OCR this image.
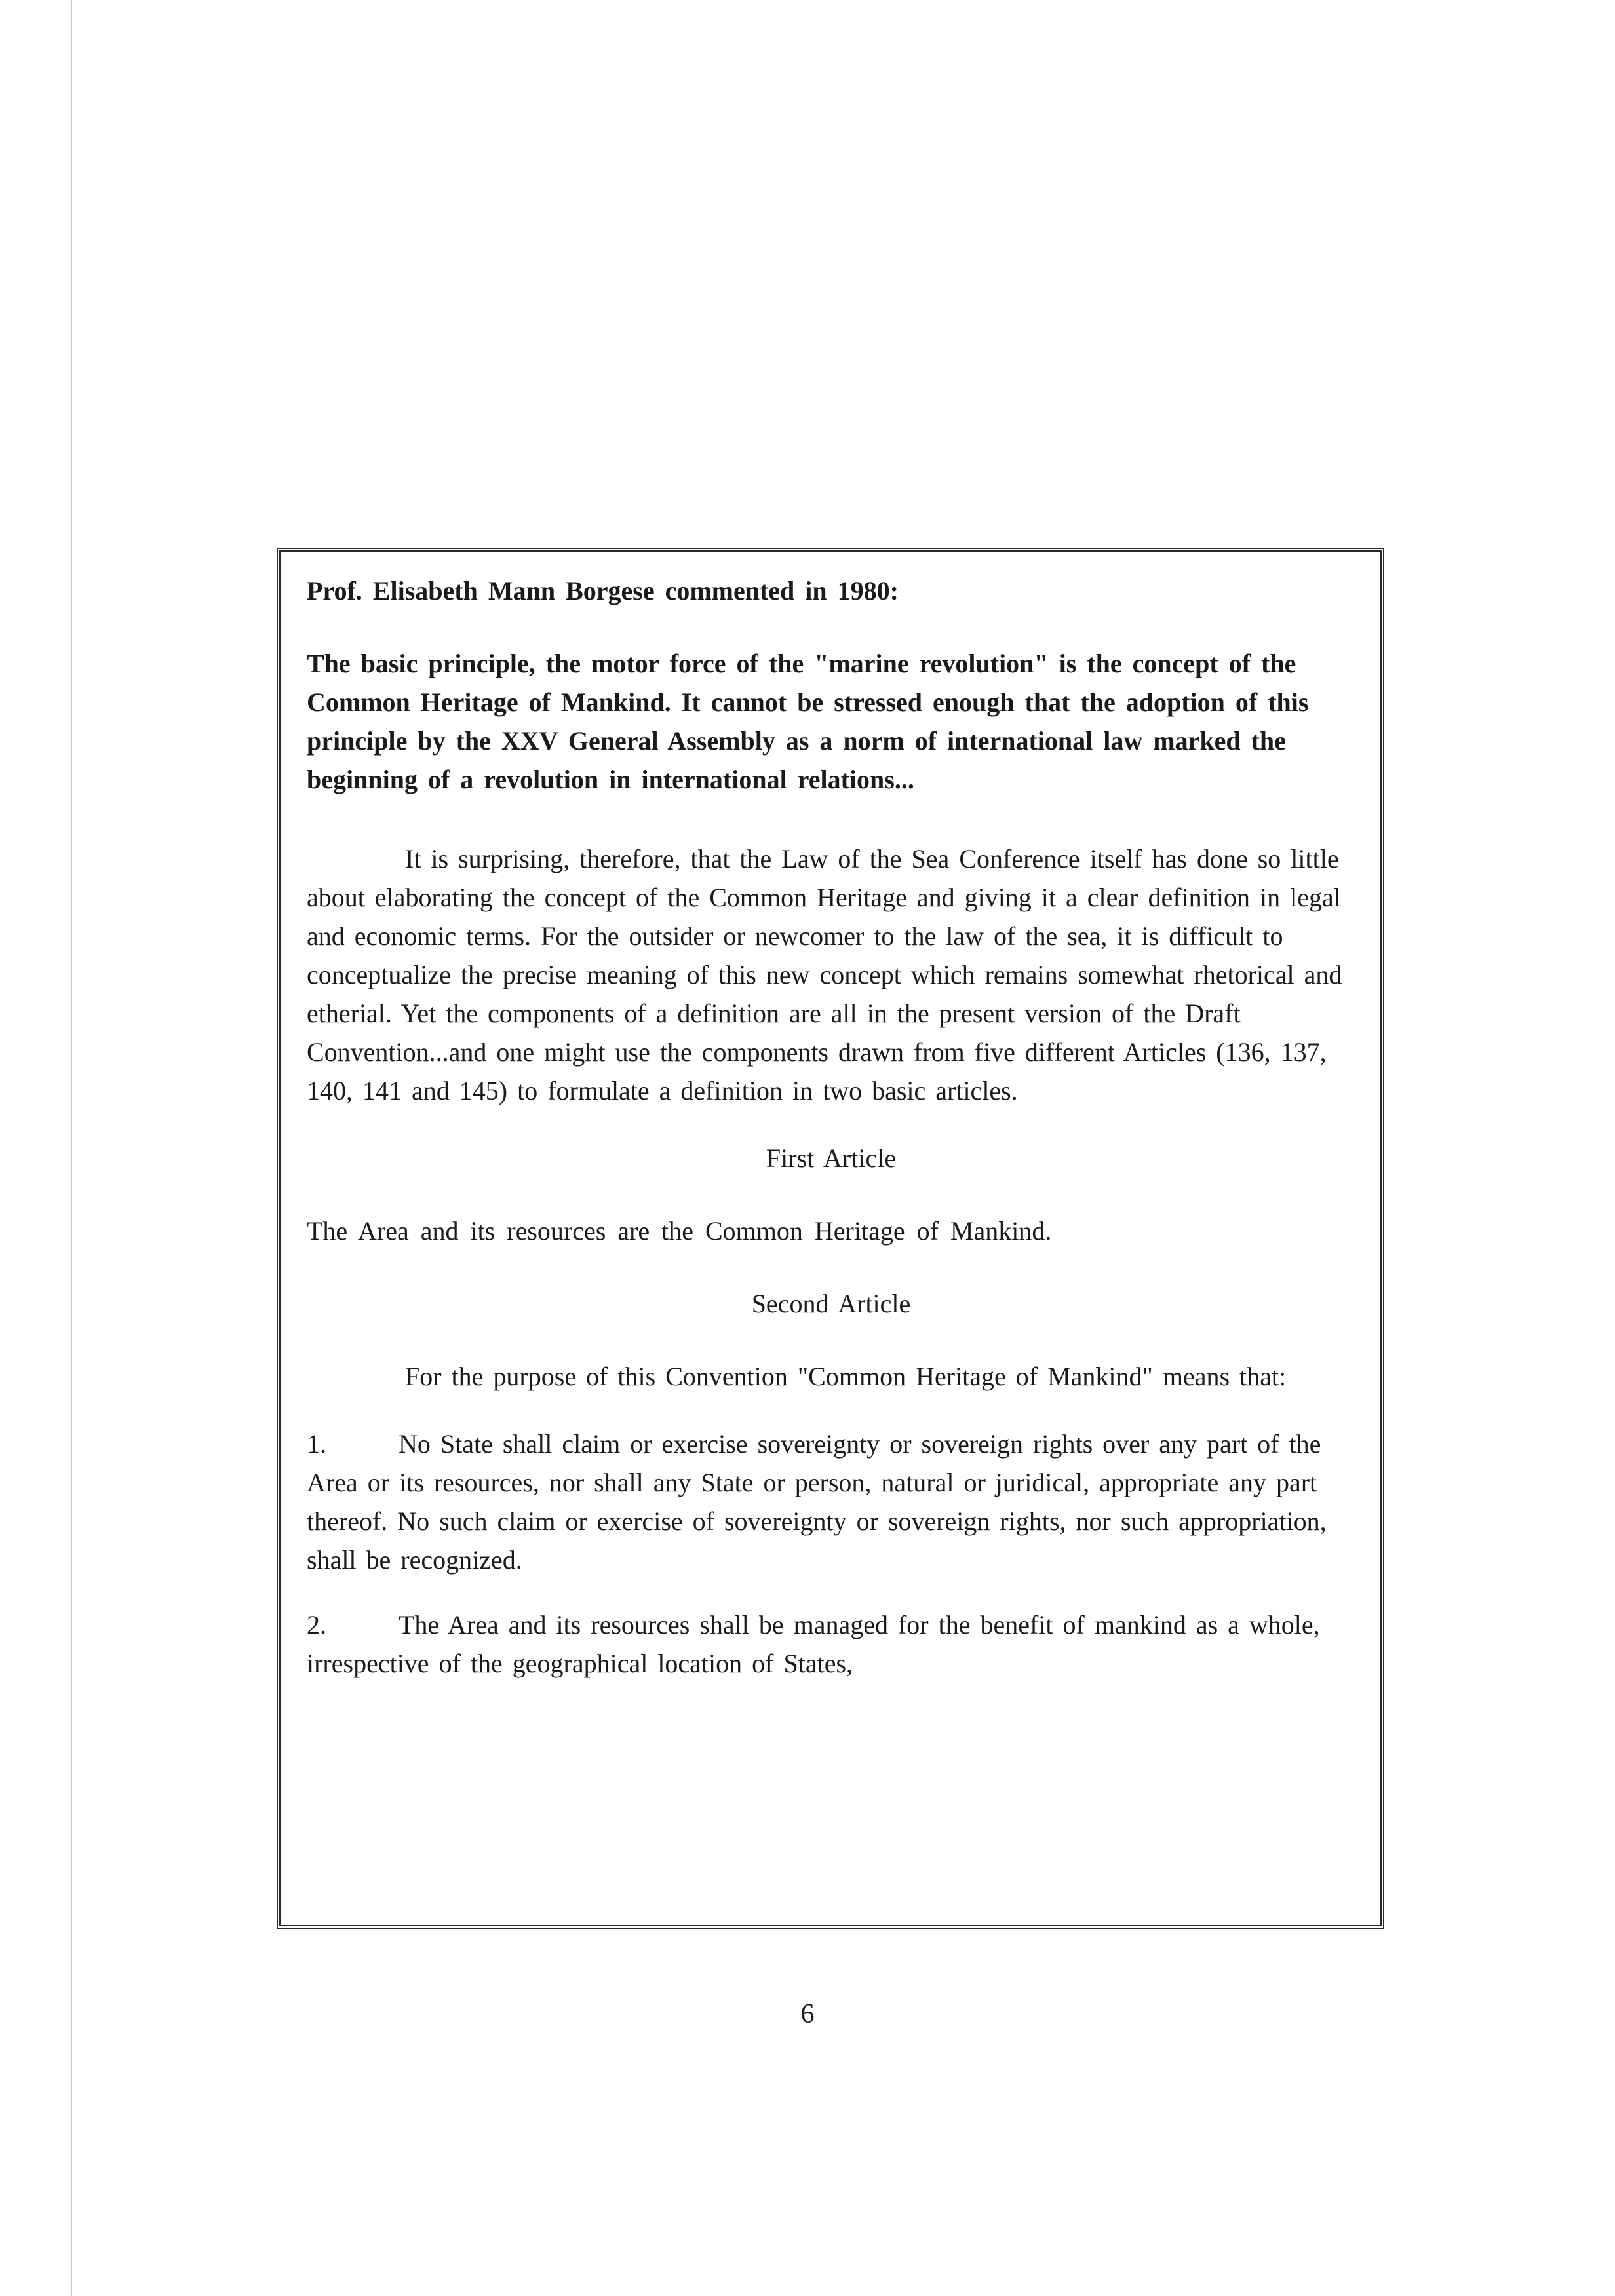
Prof. Elisabeth Mann Borgese commented in 1980:

The basic principle, the motor force of the "marine revolution" is the concept of the Common Heritage of Mankind. It cannot be stressed enough that the adoption of this principle by the XXV General Assembly as a norm of international law marked the beginning of a revolution in international relations...

It is surprising, therefore, that the Law of the Sea Conference itself has done so little about elaborating the concept of the Common Heritage and giving it a clear definition in legal and economic terms. For the outsider or newcomer to the law of the sea, it is difficult to conceptualize the precise meaning of this new concept which remains somewhat rhetorical and etherial. Yet the components of a definition are all in the present version of the Draft Convention...and one might use the components drawn from five different Articles (136, 137, 140, 141 and 145) to formulate a definition in two basic articles.

First Article

The Area and its resources are the Common Heritage of Mankind.

Second Article

For the purpose of this Convention "Common Heritage of Mankind" means that:

1.	No State shall claim or exercise sovereignty or sovereign rights over any part of the Area or its resources, nor shall any State or person, natural or juridical, appropriate any part thereof. No such claim or exercise of sovereignty or sovereign rights, nor such appropriation, shall be recognized.

2.	The Area and its resources shall be managed for the benefit of mankind as a whole, irrespective of the geographical location of States,

6
